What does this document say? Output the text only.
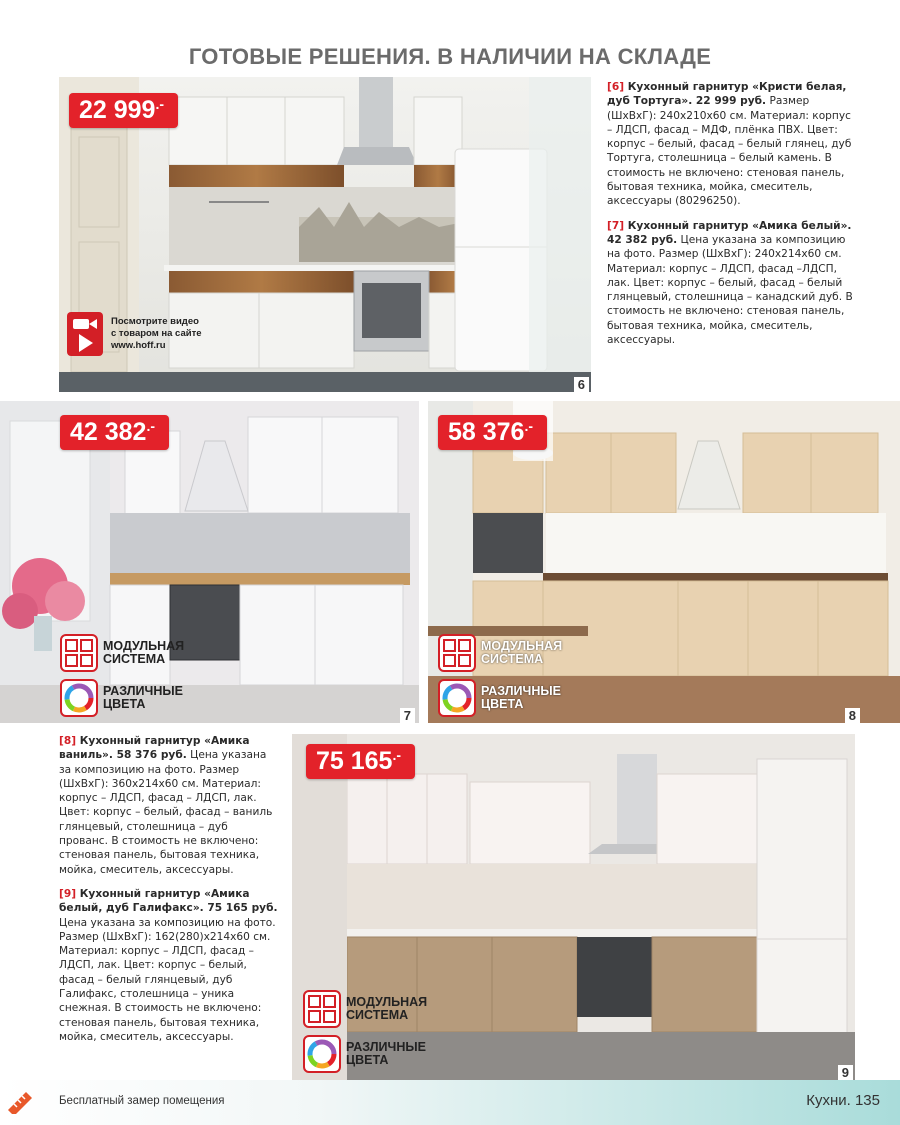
ГОТОВЫЕ РЕШЕНИЯ. В НАЛИЧИИ НА СКЛАДЕ
22 999.-
6
Посмотрите видео
с товаром на сайте
www.hoff.ru

[6] Кухонный гарнитур «Кристи белая, дуб Тортуга». 22 999 руб. Размер (ШхВхГ): 240х210х60 см. Материал: корпус – ЛДСП, фасад – МДФ, плёнка ПВХ. Цвет: корпус – белый, фасад – белый глянец, дуб Тортуга, столешница – белый камень. В стоимость не включено: стеновая панель, бытовая техника, мойка, смеситель, аксессуары (80296250).

[7] Кухонный гарнитур «Амика белый». 42 382 руб. Цена указана за композицию на фото. Размер (ШхВхГ): 240х214х60 см. Материал: корпус – ЛДСП, фасад –ЛДСП, лак. Цвет: корпус – белый, фасад – белый глянцевый, столешница – канадский дуб. В стоимость не включено: стеновая панель, бытовая техника, мойка, смеситель, аксессуары.

42 382.-
7
МОДУЛЬНАЯ
СИСТЕМА
РАЗЛИЧНЫЕ
ЦВЕТА
58 376.-
8
МОДУЛЬНАЯ
СИСТЕМА
РАЗЛИЧНЫЕ
ЦВЕТА

[8] Кухонный гарнитур «Амика ваниль». 58 376 руб. Цена указана за композицию на фото. Размер (ШхВхГ): 360х214х60 см. Материал: корпус – ЛДСП, фасад – ЛДСП, лак. Цвет: корпус – белый, фасад – ваниль глянцевый, столешница – дуб прованс. В стоимость не включено: стеновая панель, бытовая техника, мойка, смеситель, аксессуары.

[9] Кухонный гарнитур «Амика белый, дуб Галифакс». 75 165 руб. Цена указана за композицию на фото. Размер (ШхВхГ): 162(280)х214х60 см. Материал: корпус – ЛДСП, фасад – ЛДСП, лак. Цвет: корпус – белый, фасад – белый глянцевый, дуб Галифакс, столешница – уника снежная. В стоимость не включено: стеновая панель, бытовая техника, мойка, смеситель, аксессуары.

75 165.-
9
МОДУЛЬНАЯ
СИСТЕМА
РАЗЛИЧНЫЕ
ЦВЕТА
Бесплатный замер помещения	Кухни. 135
